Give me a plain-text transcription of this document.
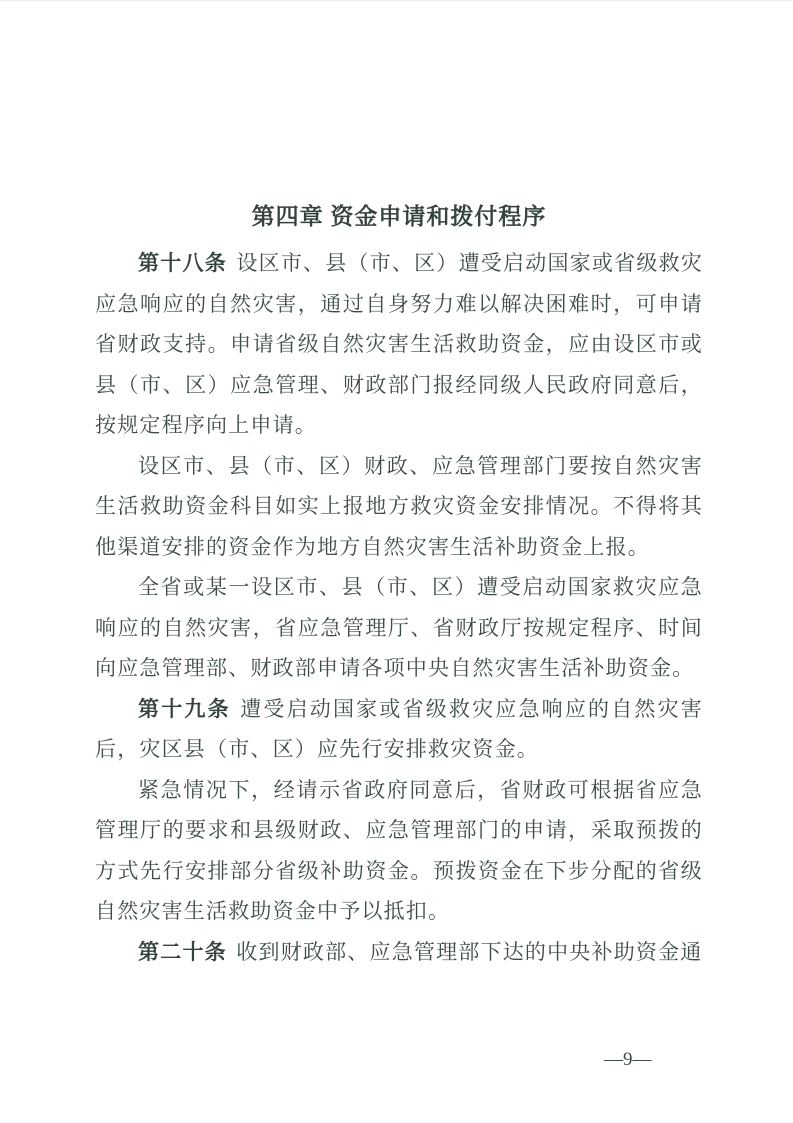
第四章 资金申请和拨付程序

第十八条 设区市、县（市、区）遭受启动国家或省级救灾应急响应的自然灾害，通过自身努力难以解决困难时，可申请省财政支持。申请省级自然灾害生活救助资金，应由设区市或县（市、区）应急管理、财政部门报经同级人民政府同意后，按规定程序向上申请。

设区市、县（市、区）财政、应急管理部门要按自然灾害生活救助资金科目如实上报地方救灾资金安排情况。不得将其他渠道安排的资金作为地方自然灾害生活补助资金上报。

全省或某一设区市、县（市、区）遭受启动国家救灾应急响应的自然灾害，省应急管理厅、省财政厅按规定程序、时间向应急管理部、财政部申请各项中央自然灾害生活补助资金。

第十九条 遭受启动国家或省级救灾应急响应的自然灾害后，灾区县（市、区）应先行安排救灾资金。

紧急情况下，经请示省政府同意后，省财政可根据省应急管理厅的要求和县级财政、应急管理部门的申请，采取预拨的方式先行安排部分省级补助资金。预拨资金在下步分配的省级自然灾害生活救助资金中予以抵扣。

第二十条 收到财政部、应急管理部下达的中央补助资金通

—9—
